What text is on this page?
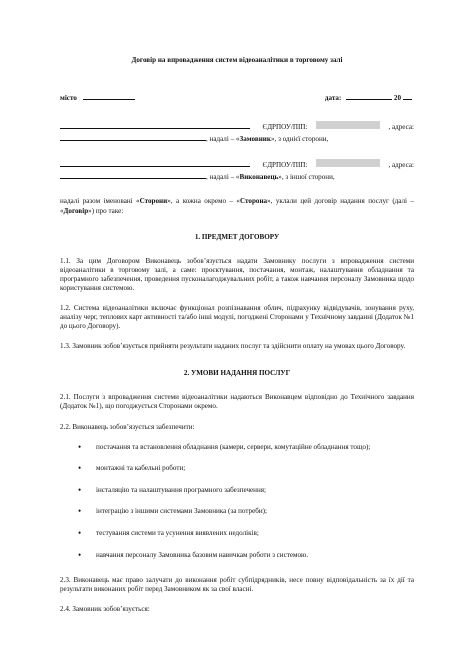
Договір на впровадження систем відеоаналітики в торговому залі

місто	дата:	20
ЄДРПОУ/ПІП:	, адреса:
, надалі – «Замовник», з однієї сторони,
ЄДРПОУ/ПІП:	, адреса:
, надалі – «Виконавець», з іншої сторони,

надалі разом іменовані «Сторони», а кожна окремо – «Сторона», уклали цей договір надання послуг (далі – «Договір») про таке:

1. ПРЕДМЕТ ДОГОВОРУ

1.1. За цим Договором Виконавець зобов’язується надати Замовнику послуги з впровадження системи відеоаналітики в торговому залі, а саме: проєктування, постачання, монтаж, налаштування обладнання та програмного забезпечення, проведення пусконалагоджувальних робіт, а також навчання персоналу Замовника щодо користування системою.

1.2. Система відеоаналітики включає функціонал розпізнавання облич, підрахунку відвідувачів, зонування руху, аналізу черг, теплових карт активності та/або інші модулі, погоджені Сторонами у Технічному завданні (Додаток №1 до цього Договору).

1.3. Замовник зобов’язується прийняти результати наданих послуг та здійснити оплату на умовах цього Договору.

2. УМОВИ НАДАННЯ ПОСЛУГ

2.1. Послуги з впровадження системи відеоаналітики надаються Виконавцем відповідно до Технічного завдання (Додаток №1), що погоджується Сторонами окремо.

2.2. Виконавець зобов’язується забезпечити:

• постачання та встановлення обладнання (камери, сервери, комутаційне обладнання тощо);
• монтажні та кабельні роботи;
• інсталяцію та налаштування програмного забезпечення;
• інтеграцію з іншими системами Замовника (за потреби);
• тестування системи та усунення виявлених недоліків;
• навчання персоналу Замовника базовим навичкам роботи з системою.

2.3. Виконавець має право залучати до виконання робіт субпідрядників, несе повну відповідальність за їх дії та результати виконаних робіт перед Замовником як за свої власні.

2.4. Замовник зобов’язується:
